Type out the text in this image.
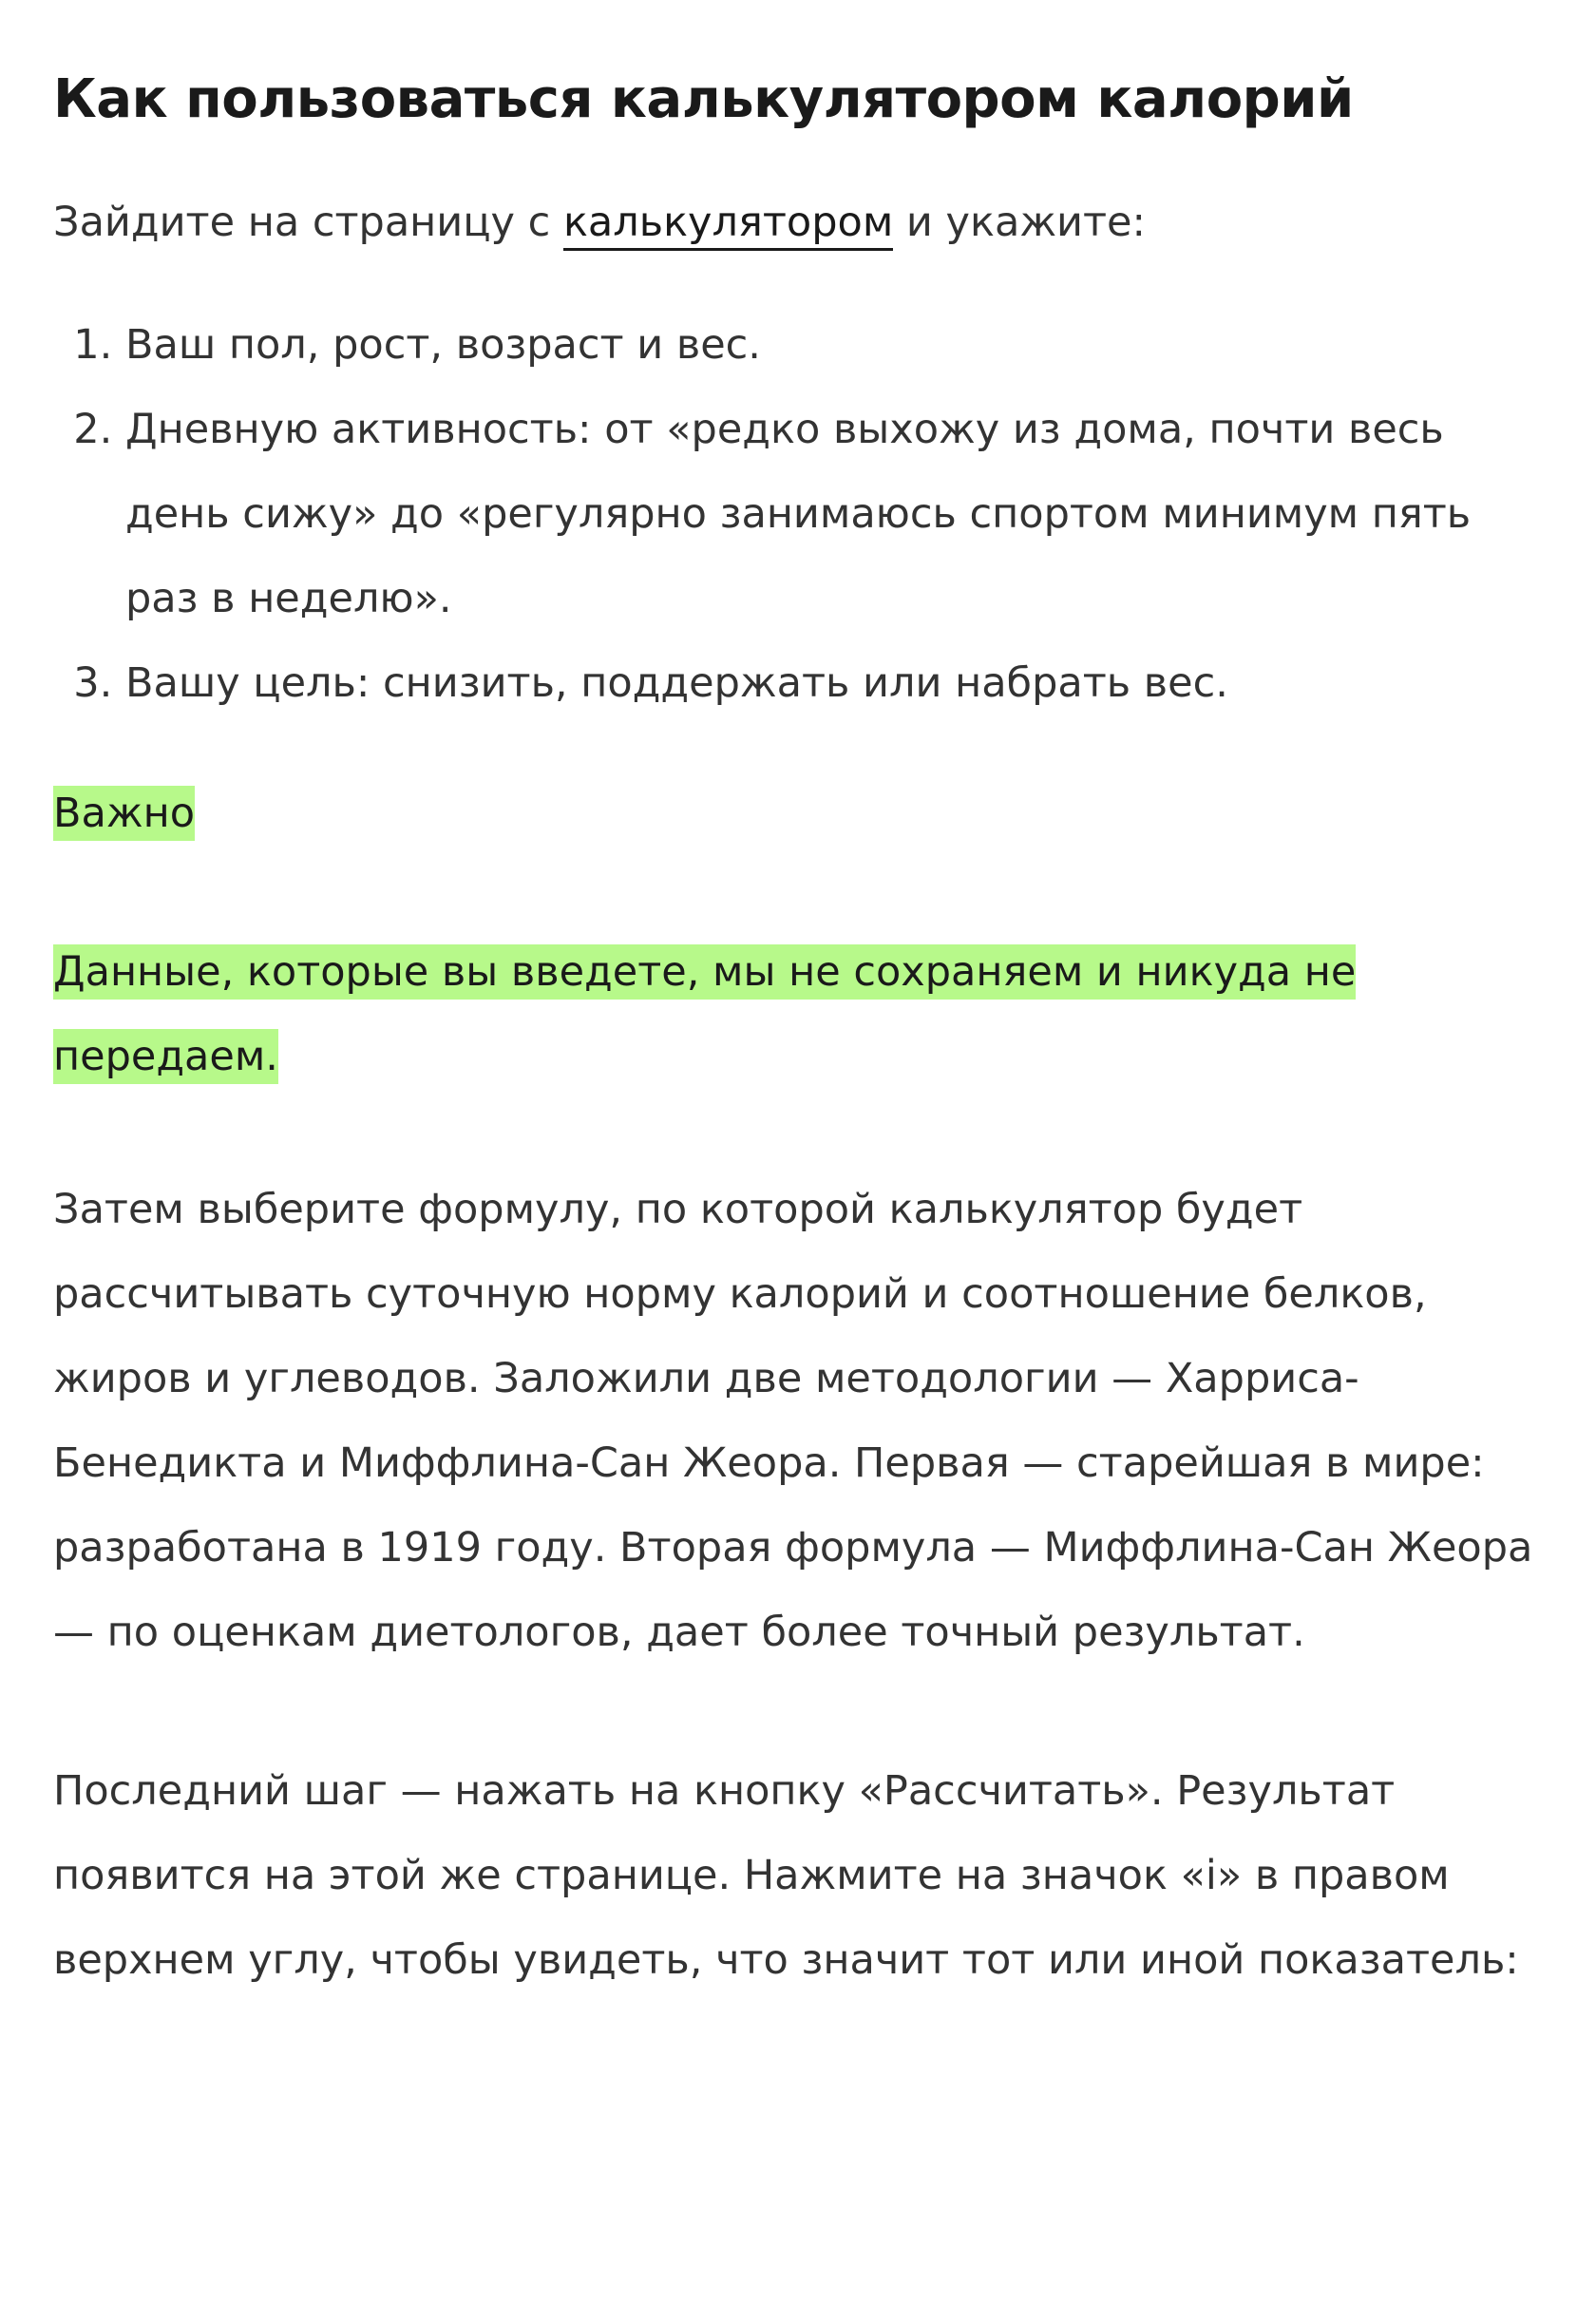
Как пользоваться калькулятором калорий

Зайдите на страницу с калькулятором и укажите:

1. Ваш пол, рост, возраст и вес.
2. Дневную активность: от «редко выхожу из дома, почти весь день сижу» до «регулярно занимаюсь спортом минимум пять раз в неделю».
3. Вашу цель: снизить, поддержать или набрать вес.

Важно

Данные, которые вы введете, мы не сохраняем и никуда не передаем.

Затем выберите формулу, по которой калькулятор будет рассчитывать суточную норму калорий и соотношение белков, жиров и углеводов. Заложили две методологии — Харриса-Бенедикта и Миффлина-Сан Жеора. Первая — старейшая в мире: разработана в 1919 году. Вторая формула — Миффлина-Сан Жеора — по оценкам диетологов, дает более точный результат.

Последний шаг — нажать на кнопку «Рассчитать». Результат появится на этой же странице. Нажмите на значок «i» в правом верхнем углу, чтобы увидеть, что значит тот или иной показатель:
